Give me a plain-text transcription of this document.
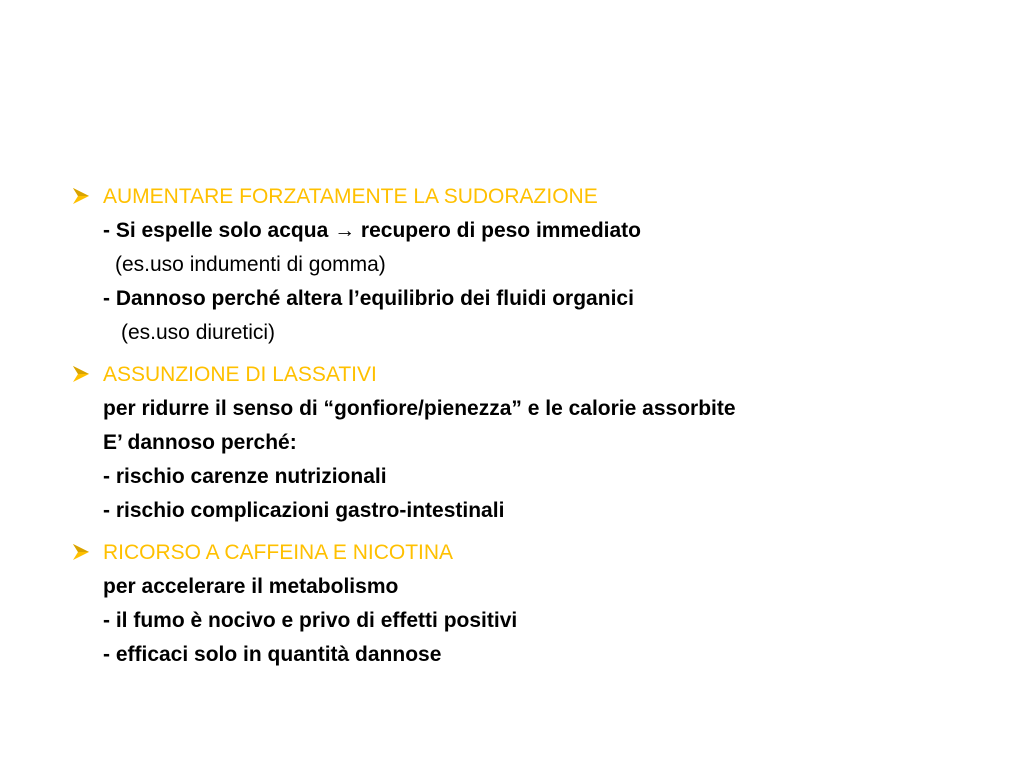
AUMENTARE FORZATAMENTE LA SUDORAZIONE
- Si espelle solo acqua → recupero di peso immediato
(es.uso indumenti di gomma)
- Dannoso perché altera l’equilibrio dei fluidi organici
(es.uso diuretici)
ASSUNZIONE DI LASSATIVI
per ridurre il senso di “gonfiore/pienezza” e le calorie assorbite
E’ dannoso perché:
- rischio carenze nutrizionali
- rischio complicazioni gastro-intestinali
RICORSO A CAFFEINA E NICOTINA
per accelerare il metabolismo
- il fumo è nocivo e privo di effetti positivi
- efficaci solo in quantità dannose
